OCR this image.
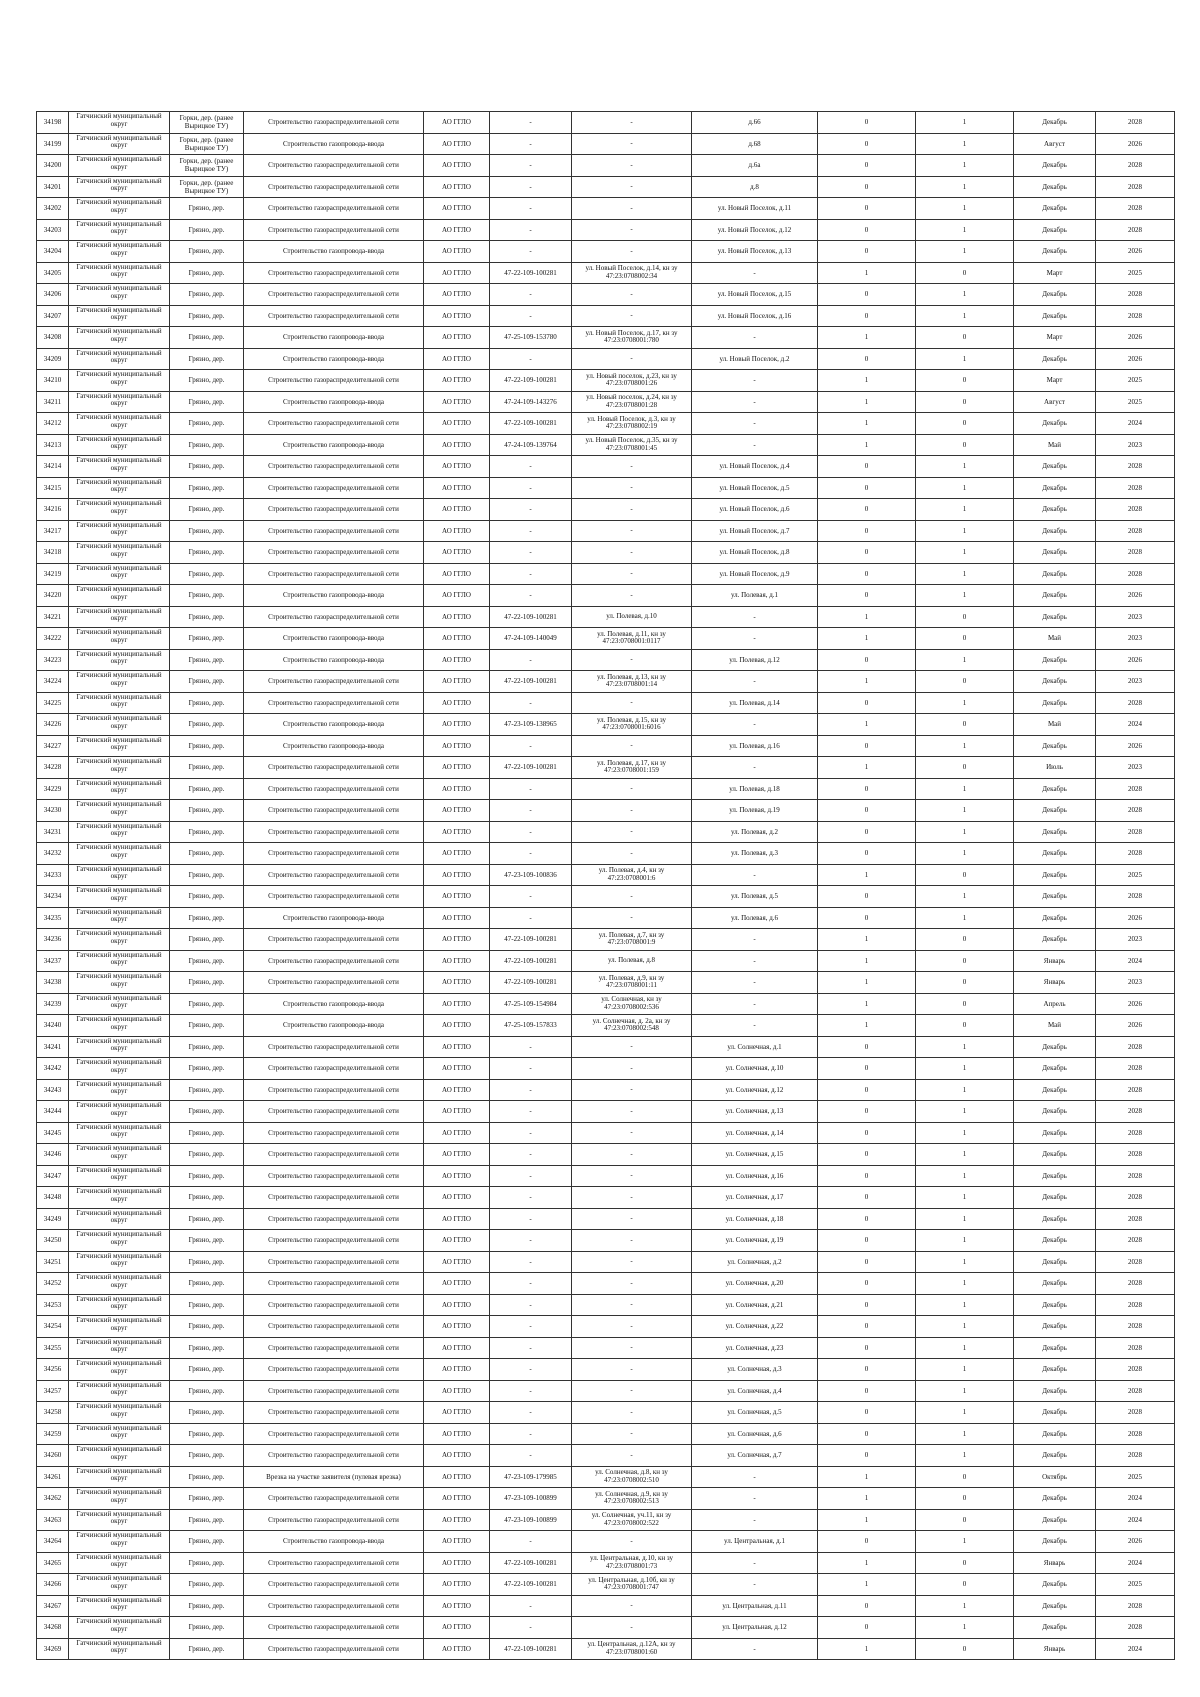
34198	Гатчинский муниципальный округ	Горки, дер. (ранее Вырицкое ТУ)	Строительство газораспределительной сети	АО ГГЛО	-	-	д.66	0	1	Декабрь	2028
34199	Гатчинский муниципальный округ	Горки, дер. (ранее Вырицкое ТУ)	Строительство газопровода-ввода	АО ГГЛО	-	-	д.68	0	1	Август	2026
34200	Гатчинский муниципальный округ	Горки, дер. (ранее Вырицкое ТУ)	Строительство газораспределительной сети	АО ГГЛО	-	-	д.6а	0	1	Декабрь	2028
34201	Гатчинский муниципальный округ	Горки, дер. (ранее Вырицкое ТУ)	Строительство газораспределительной сети	АО ГГЛО	-	-	д.8	0	1	Декабрь	2028
34202	Гатчинский муниципальный округ	Грязно, дер.	Строительство газораспределительной сети	АО ГГЛО	-	-	ул. Новый Поселок, д.11	0	1	Декабрь	2028
34203	Гатчинский муниципальный округ	Грязно, дер.	Строительство газораспределительной сети	АО ГГЛО	-	-	ул. Новый Поселок, д.12	0	1	Декабрь	2028
34204	Гатчинский муниципальный округ	Грязно, дер.	Строительство газопровода-ввода	АО ГГЛО	-	-	ул. Новый Поселок, д.13	0	1	Декабрь	2026
34205	Гатчинский муниципальный округ	Грязно, дер.	Строительство газораспределительной сети	АО ГГЛО	47-22-109-100281	ул. Новый Поселок, д.14, кн зу 47:23:0708002:34	-	1	0	Март	2025
34206	Гатчинский муниципальный округ	Грязно, дер.	Строительство газораспределительной сети	АО ГГЛО	-	-	ул. Новый Поселок, д.15	0	1	Декабрь	2028
34207	Гатчинский муниципальный округ	Грязно, дер.	Строительство газораспределительной сети	АО ГГЛО	-	-	ул. Новый Поселок, д.16	0	1	Декабрь	2028
34208	Гатчинский муниципальный округ	Грязно, дер.	Строительство газопровода-ввода	АО ГГЛО	47-25-109-153780	ул. Новый Поселок, д.17, кн зу 47:23:0708001:780	-	1	0	Март	2026
34209	Гатчинский муниципальный округ	Грязно, дер.	Строительство газопровода-ввода	АО ГГЛО	-	-	ул. Новый Поселок, д.2	0	1	Декабрь	2026
34210	Гатчинский муниципальный округ	Грязно, дер.	Строительство газораспределительной сети	АО ГГЛО	47-22-109-100281	ул. Новый поселок, д.23, кн зу 47:23:0708001:26	-	1	0	Март	2025
34211	Гатчинский муниципальный округ	Грязно, дер.	Строительство газопровода-ввода	АО ГГЛО	47-24-109-143276	ул. Новый поселок, д.24, кн зу 47:23:0708001:28	-	1	0	Август	2025
34212	Гатчинский муниципальный округ	Грязно, дер.	Строительство газораспределительной сети	АО ГГЛО	47-22-109-100281	ул. Новый Поселок, д.3, кн зу 47:23:0708002:19	-	1	0	Декабрь	2024
34213	Гатчинский муниципальный округ	Грязно, дер.	Строительство газопровода-ввода	АО ГГЛО	47-24-109-139764	ул. Новый Поселок, д.35, кн зу 47:23:0708001:45	-	1	0	Май	2023
34214	Гатчинский муниципальный округ	Грязно, дер.	Строительство газораспределительной сети	АО ГГЛО	-	-	ул. Новый Поселок, д.4	0	1	Декабрь	2028
34215	Гатчинский муниципальный округ	Грязно, дер.	Строительство газораспределительной сети	АО ГГЛО	-	-	ул. Новый Поселок, д.5	0	1	Декабрь	2028
34216	Гатчинский муниципальный округ	Грязно, дер.	Строительство газораспределительной сети	АО ГГЛО	-	-	ул. Новый Поселок, д.6	0	1	Декабрь	2028
34217	Гатчинский муниципальный округ	Грязно, дер.	Строительство газораспределительной сети	АО ГГЛО	-	-	ул. Новый Поселок, д.7	0	1	Декабрь	2028
34218	Гатчинский муниципальный округ	Грязно, дер.	Строительство газораспределительной сети	АО ГГЛО	-	-	ул. Новый Поселок, д.8	0	1	Декабрь	2028
34219	Гатчинский муниципальный округ	Грязно, дер.	Строительство газораспределительной сети	АО ГГЛО	-	-	ул. Новый Поселок, д.9	0	1	Декабрь	2028
34220	Гатчинский муниципальный округ	Грязно, дер.	Строительство газопровода-ввода	АО ГГЛО	-	-	ул. Полевая, д.1	0	1	Декабрь	2026
34221	Гатчинский муниципальный округ	Грязно, дер.	Строительство газораспределительной сети	АО ГГЛО	47-22-109-100281	ул. Полевая, д.10	-	1	0	Декабрь	2023
34222	Гатчинский муниципальный округ	Грязно, дер.	Строительство газопровода-ввода	АО ГГЛО	47-24-109-140049	ул. Полевая, д.11, кн зу 47:23:0708001:0117	-	1	0	Май	2023
34223	Гатчинский муниципальный округ	Грязно, дер.	Строительство газопровода-ввода	АО ГГЛО	-	-	ул. Полевая, д.12	0	1	Декабрь	2026
34224	Гатчинский муниципальный округ	Грязно, дер.	Строительство газораспределительной сети	АО ГГЛО	47-22-109-100281	ул. Полевая, д.13, кн зу 47:23:0708001:14	-	1	0	Декабрь	2023
34225	Гатчинский муниципальный округ	Грязно, дер.	Строительство газораспределительной сети	АО ГГЛО	-	-	ул. Полевая, д.14	0	1	Декабрь	2028
34226	Гатчинский муниципальный округ	Грязно, дер.	Строительство газопровода-ввода	АО ГГЛО	47-23-109-138965	ул. Полевая, д.15, кн зу 47:23:0708001:6016	-	1	0	Май	2024
34227	Гатчинский муниципальный округ	Грязно, дер.	Строительство газопровода-ввода	АО ГГЛО	-	-	ул. Полевая, д.16	0	1	Декабрь	2026
34228	Гатчинский муниципальный округ	Грязно, дер.	Строительство газораспределительной сети	АО ГГЛО	47-22-109-100281	ул. Полевая, д.17, кн зу 47:23:0708001:159	-	1	0	Июль	2023
34229	Гатчинский муниципальный округ	Грязно, дер.	Строительство газораспределительной сети	АО ГГЛО	-	-	ул. Полевая, д.18	0	1	Декабрь	2028
34230	Гатчинский муниципальный округ	Грязно, дер.	Строительство газораспределительной сети	АО ГГЛО	-	-	ул. Полевая, д.19	0	1	Декабрь	2028
34231	Гатчинский муниципальный округ	Грязно, дер.	Строительство газораспределительной сети	АО ГГЛО	-	-	ул. Полевая, д.2	0	1	Декабрь	2028
34232	Гатчинский муниципальный округ	Грязно, дер.	Строительство газораспределительной сети	АО ГГЛО	-	-	ул. Полевая, д.3	0	1	Декабрь	2028
34233	Гатчинский муниципальный округ	Грязно, дер.	Строительство газораспределительной сети	АО ГГЛО	47-23-109-100836	ул. Полевая, д.4, кн зу 47:23:0708001:6	-	1	0	Декабрь	2025
34234	Гатчинский муниципальный округ	Грязно, дер.	Строительство газораспределительной сети	АО ГГЛО	-	-	ул. Полевая, д.5	0	1	Декабрь	2028
34235	Гатчинский муниципальный округ	Грязно, дер.	Строительство газопровода-ввода	АО ГГЛО	-	-	ул. Полевая, д.6	0	1	Декабрь	2026
34236	Гатчинский муниципальный округ	Грязно, дер.	Строительство газораспределительной сети	АО ГГЛО	47-22-109-100281	ул. Полевая, д.7, кн зу 47:23:0708001:9	-	1	0	Декабрь	2023
34237	Гатчинский муниципальный округ	Грязно, дер.	Строительство газораспределительной сети	АО ГГЛО	47-22-109-100281	ул. Полевая, д.8	-	1	0	Январь	2024
34238	Гатчинский муниципальный округ	Грязно, дер.	Строительство газораспределительной сети	АО ГГЛО	47-22-109-100281	ул. Полевая, д.9, кн зу 47:23:0708001:11	-	1	0	Январь	2023
34239	Гатчинский муниципальный округ	Грязно, дер.	Строительство газопровода-ввода	АО ГГЛО	47-25-109-154984	ул. Солнечная, кн зу 47:23:0708002:536	-	1	0	Апрель	2026
34240	Гатчинский муниципальный округ	Грязно, дер.	Строительство газопровода-ввода	АО ГГЛО	47-25-109-157833	ул. Солнечная, д. 2а, кн зу 47:23:0708002:548	-	1	0	Май	2026
34241	Гатчинский муниципальный округ	Грязно, дер.	Строительство газораспределительной сети	АО ГГЛО	-	-	ул. Солнечная, д.1	0	1	Декабрь	2028
34242	Гатчинский муниципальный округ	Грязно, дер.	Строительство газораспределительной сети	АО ГГЛО	-	-	ул. Солнечная, д.10	0	1	Декабрь	2028
34243	Гатчинский муниципальный округ	Грязно, дер.	Строительство газораспределительной сети	АО ГГЛО	-	-	ул. Солнечная, д.12	0	1	Декабрь	2028
34244	Гатчинский муниципальный округ	Грязно, дер.	Строительство газораспределительной сети	АО ГГЛО	-	-	ул. Солнечная, д.13	0	1	Декабрь	2028
34245	Гатчинский муниципальный округ	Грязно, дер.	Строительство газораспределительной сети	АО ГГЛО	-	-	ул. Солнечная, д.14	0	1	Декабрь	2028
34246	Гатчинский муниципальный округ	Грязно, дер.	Строительство газораспределительной сети	АО ГГЛО	-	-	ул. Солнечная, д.15	0	1	Декабрь	2028
34247	Гатчинский муниципальный округ	Грязно, дер.	Строительство газораспределительной сети	АО ГГЛО	-	-	ул. Солнечная, д.16	0	1	Декабрь	2028
34248	Гатчинский муниципальный округ	Грязно, дер.	Строительство газораспределительной сети	АО ГГЛО	-	-	ул. Солнечная, д.17	0	1	Декабрь	2028
34249	Гатчинский муниципальный округ	Грязно, дер.	Строительство газораспределительной сети	АО ГГЛО	-	-	ул. Солнечная, д.18	0	1	Декабрь	2028
34250	Гатчинский муниципальный округ	Грязно, дер.	Строительство газораспределительной сети	АО ГГЛО	-	-	ул. Солнечная, д.19	0	1	Декабрь	2028
34251	Гатчинский муниципальный округ	Грязно, дер.	Строительство газораспределительной сети	АО ГГЛО	-	-	ул. Солнечная, д.2	0	1	Декабрь	2028
34252	Гатчинский муниципальный округ	Грязно, дер.	Строительство газораспределительной сети	АО ГГЛО	-	-	ул. Солнечная, д.20	0	1	Декабрь	2028
34253	Гатчинский муниципальный округ	Грязно, дер.	Строительство газораспределительной сети	АО ГГЛО	-	-	ул. Солнечная, д.21	0	1	Декабрь	2028
34254	Гатчинский муниципальный округ	Грязно, дер.	Строительство газораспределительной сети	АО ГГЛО	-	-	ул. Солнечная, д.22	0	1	Декабрь	2028
34255	Гатчинский муниципальный округ	Грязно, дер.	Строительство газораспределительной сети	АО ГГЛО	-	-	ул. Солнечная, д.23	0	1	Декабрь	2028
34256	Гатчинский муниципальный округ	Грязно, дер.	Строительство газораспределительной сети	АО ГГЛО	-	-	ул. Солнечная, д.3	0	1	Декабрь	2028
34257	Гатчинский муниципальный округ	Грязно, дер.	Строительство газораспределительной сети	АО ГГЛО	-	-	ул. Солнечная, д.4	0	1	Декабрь	2028
34258	Гатчинский муниципальный округ	Грязно, дер.	Строительство газораспределительной сети	АО ГГЛО	-	-	ул. Солнечная, д.5	0	1	Декабрь	2028
34259	Гатчинский муниципальный округ	Грязно, дер.	Строительство газораспределительной сети	АО ГГЛО	-	-	ул. Солнечная, д.6	0	1	Декабрь	2028
34260	Гатчинский муниципальный округ	Грязно, дер.	Строительство газораспределительной сети	АО ГГЛО	-	-	ул. Солнечная, д.7	0	1	Декабрь	2028
34261	Гатчинский муниципальный округ	Грязно, дер.	Врезка на участке заявителя (пулевая врезка)	АО ГГЛО	47-23-109-179985	ул. Солнечная, д.8, кн зу 47:23:0708002:510	-	1	0	Октябрь	2025
34262	Гатчинский муниципальный округ	Грязно, дер.	Строительство газораспределительной сети	АО ГГЛО	47-23-109-100899	ул. Солнечная, д.9, кн зу 47:23:0708002:513	-	1	0	Декабрь	2024
34263	Гатчинский муниципальный округ	Грязно, дер.	Строительство газораспределительной сети	АО ГГЛО	47-23-109-100899	ул. Солнечная, уч.11, кн зу 47:23:0708002:522	-	1	0	Декабрь	2024
34264	Гатчинский муниципальный округ	Грязно, дер.	Строительство газопровода-ввода	АО ГГЛО	-	-	ул. Центральная, д.1	0	1	Декабрь	2026
34265	Гатчинский муниципальный округ	Грязно, дер.	Строительство газораспределительной сети	АО ГГЛО	47-22-109-100281	ул. Центральная, д.10, кн зу 47:23:0708001:73	-	1	0	Январь	2024
34266	Гатчинский муниципальный округ	Грязно, дер.	Строительство газораспределительной сети	АО ГГЛО	47-22-109-100281	ул. Центральная, д.10б, кн зу 47:23:0708001:747	-	1	0	Декабрь	2025
34267	Гатчинский муниципальный округ	Грязно, дер.	Строительство газораспределительной сети	АО ГГЛО	-	-	ул. Центральная, д.11	0	1	Декабрь	2028
34268	Гатчинский муниципальный округ	Грязно, дер.	Строительство газораспределительной сети	АО ГГЛО	-	-	ул. Центральная, д.12	0	1	Декабрь	2028
34269	Гатчинский муниципальный округ	Грязно, дер.	Строительство газораспределительной сети	АО ГГЛО	47-22-109-100281	ул. Центральная, д.12А, кн зу 47:23:0708001:60	-	1	0	Январь	2024
